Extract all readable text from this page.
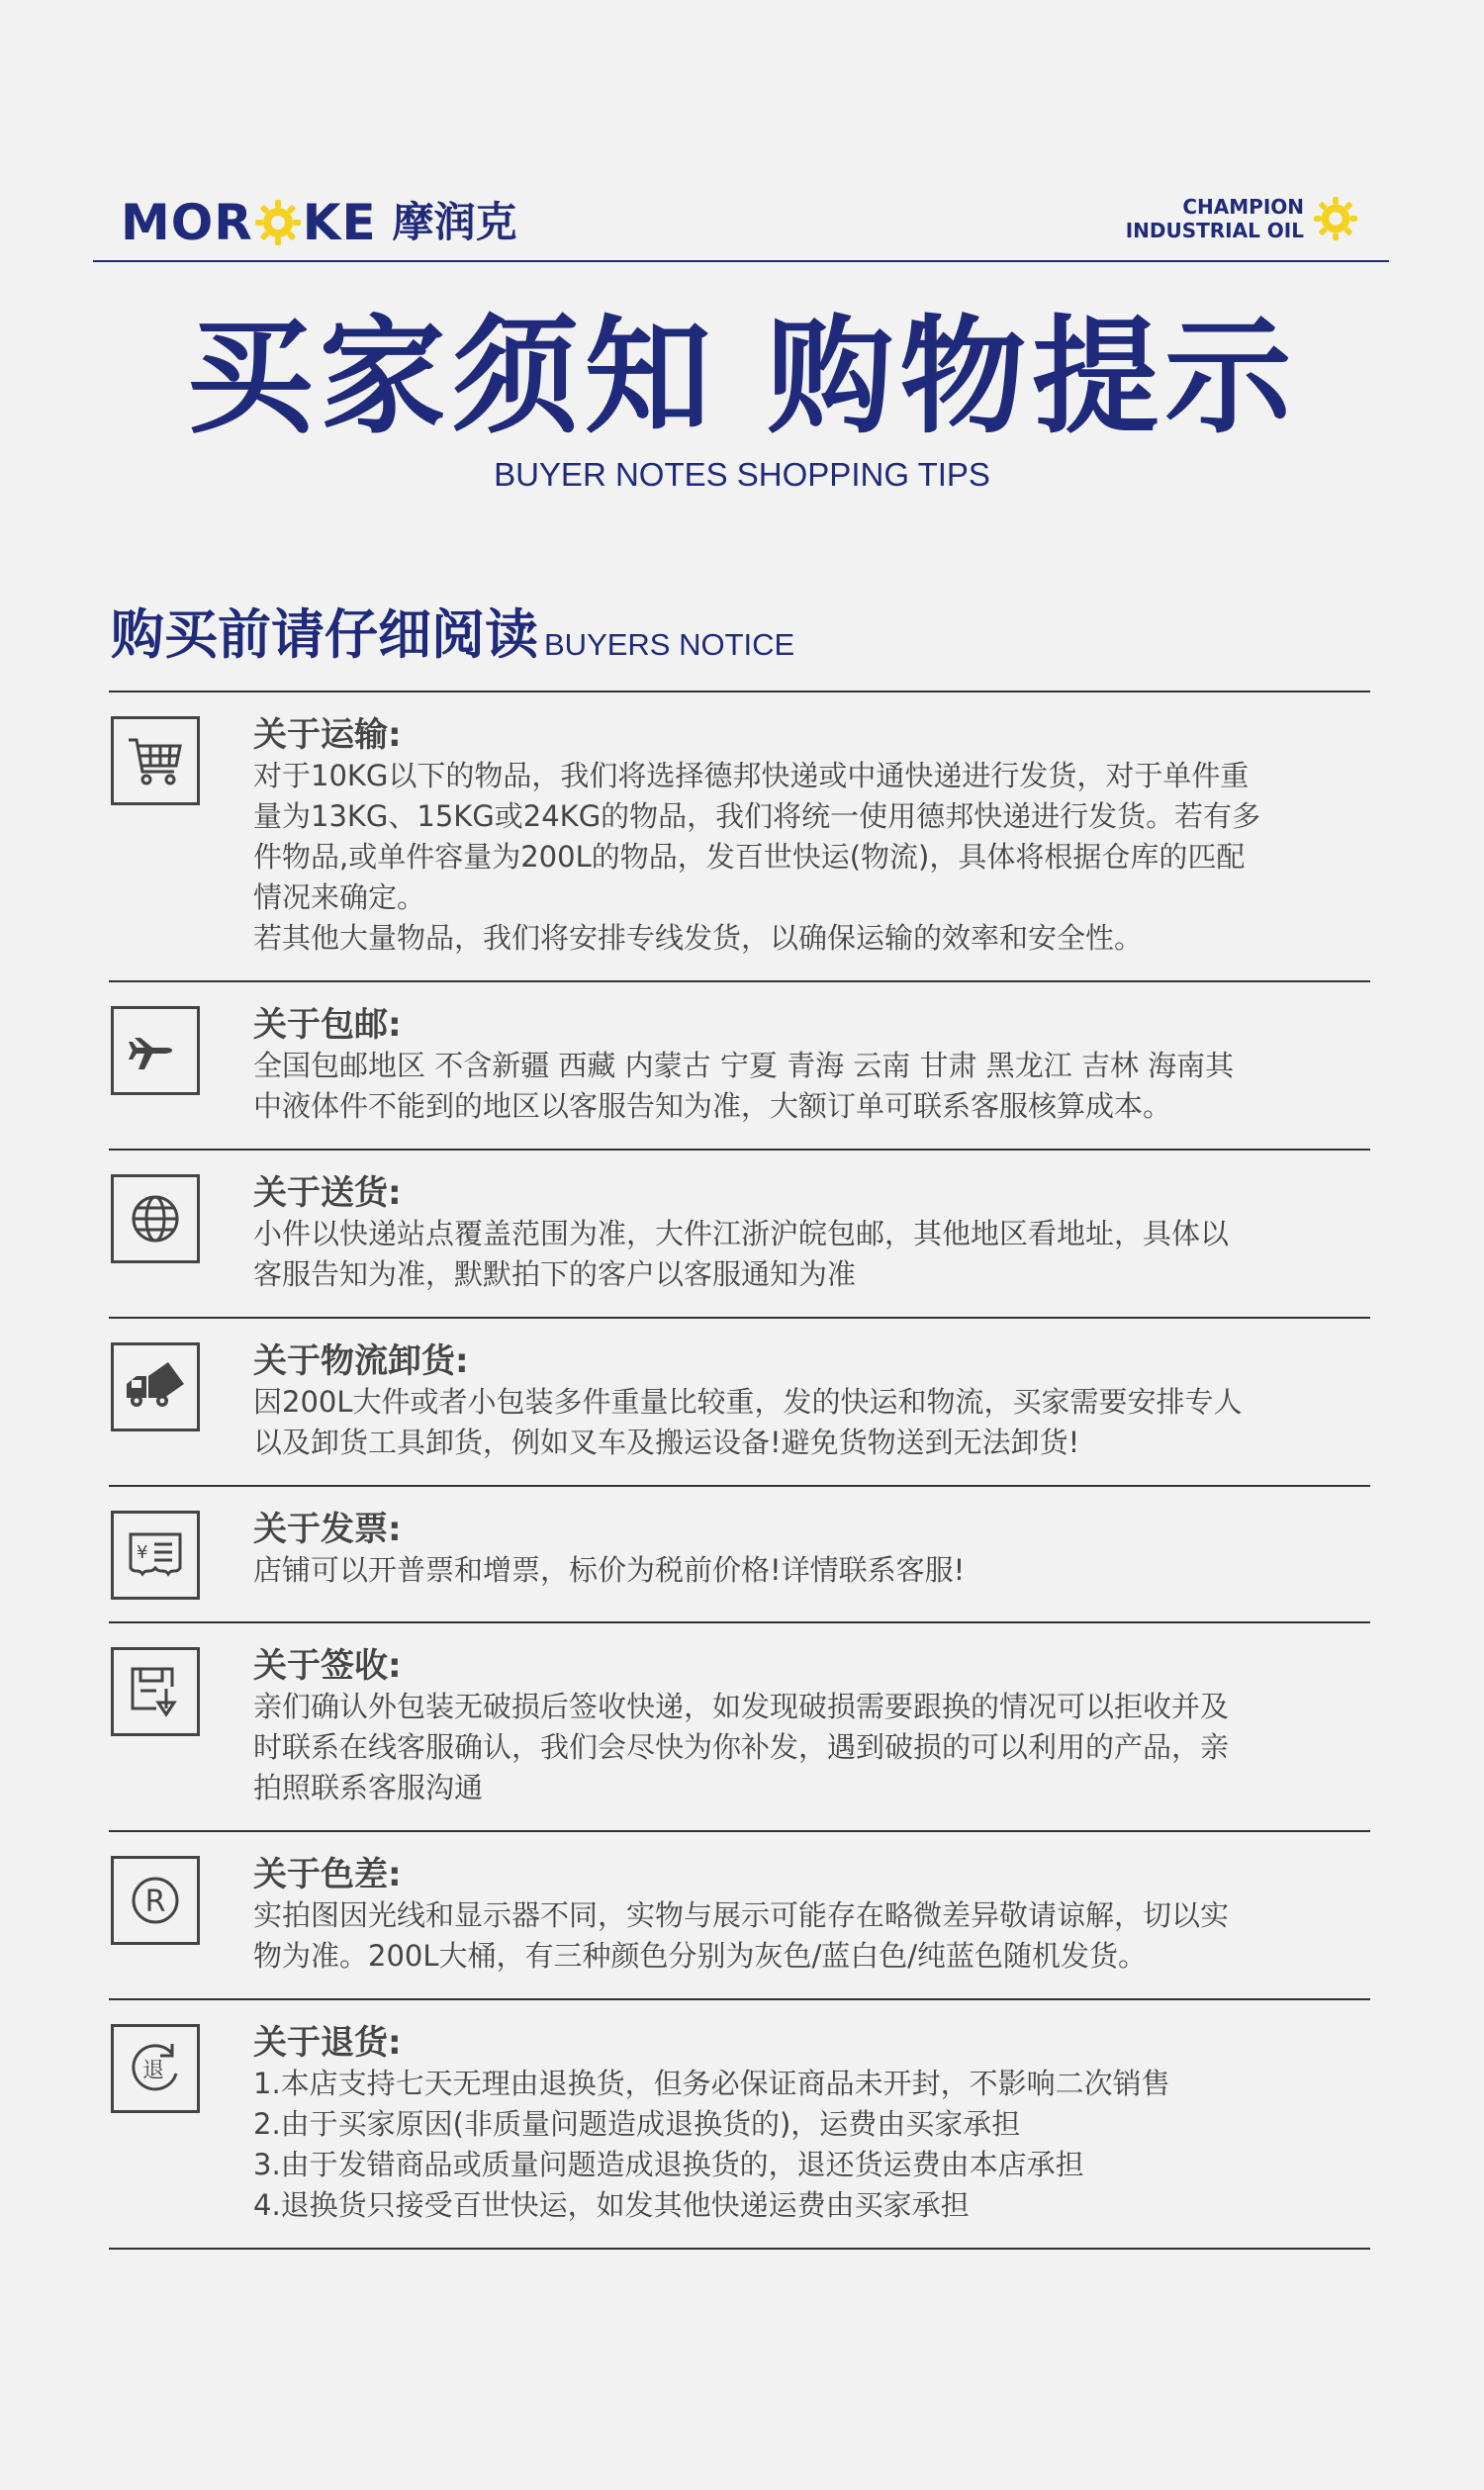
MOR KE 摩润克	CHAMPION
INDUSTRIAL OIL
买家须知 购物提示
BUYER NOTES SHOPPING TIPS
购买前请仔细阅读 BUYERS NOTICE
关于运输:
对于10KG以下的物品，我们将选择德邦快递或中通快递进行发货，对于单件重
量为13KG、15KG或24KG的物品，我们将统一使用德邦快递进行发货。若有多
件物品,或单件容量为200L的物品，发百世快运(物流)，具体将根据仓库的匹配
情况来确定。
若其他大量物品，我们将安排专线发货，以确保运输的效率和安全性。
关于包邮:
全国包邮地区 不含新疆 西藏 内蒙古 宁夏 青海 云南 甘肃 黑龙江 吉林 海南其
中液体件不能到的地区以客服告知为准，大额订单可联系客服核算成本。
关于送货:
小件以快递站点覆盖范围为准，大件江浙沪皖包邮，其他地区看地址，具体以
客服告知为准，默默拍下的客户以客服通知为准
关于物流卸货:
因200L大件或者小包装多件重量比较重，发的快运和物流，买家需要安排专人
以及卸货工具卸货，例如叉车及搬运设备!避免货物送到无法卸货!
¥
关于发票:
店铺可以开普票和增票，标价为税前价格!详情联系客服!
关于签收:
亲们确认外包装无破损后签收快递，如发现破损需要跟换的情况可以拒收并及
时联系在线客服确认，我们会尽快为你补发，遇到破损的可以利用的产品，亲
拍照联系客服沟通
R
关于色差:
实拍图因光线和显示器不同，实物与展示可能存在略微差异敬请谅解，切以实
物为准。200L大桶，有三种颜色分别为灰色/蓝白色/纯蓝色随机发货。
退
关于退货:
1.本店支持七天无理由退换货，但务必保证商品未开封，不影响二次销售
2.由于买家原因(非质量问题造成退换货的)，运费由买家承担
3.由于发错商品或质量问题造成退换货的，退还货运费由本店承担
4.退换货只接受百世快运，如发其他快递运费由买家承担
